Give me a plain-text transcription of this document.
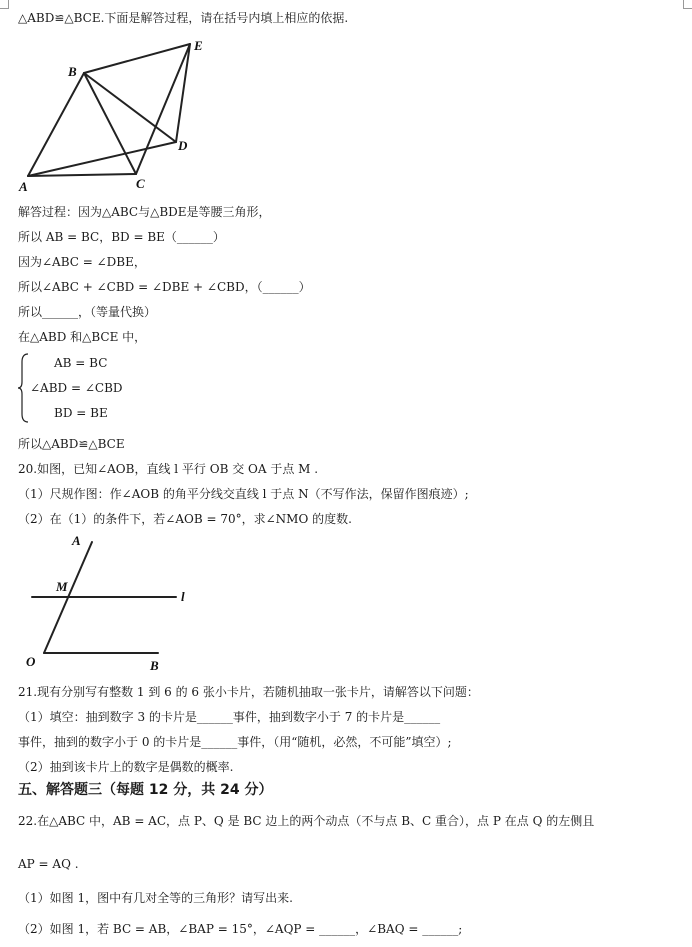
△ABD≌△BCE.下面是解答过程，请在括号内填上相应的依据.
A
B
C
D
E
解答过程：因为△ABC与△BDE是等腰三角形，
所以 AB = BC，BD = BE（______）
因为∠ABC = ∠DBE，
所以∠ABC + ∠CBD = ∠DBE + ∠CBD，（______）
所以______，（等量代换）
在△ABD 和△BCE 中，
AB = BC
∠ABD = ∠CBD
BD = BE
所以△ABD≌△BCE
20.如图，已知∠AOB，直线 l 平行 OB 交 OA 于点 M .
（1）尺规作图：作∠AOB 的角平分线交直线 l 于点 N（不写作法，保留作图痕迹）;
（2）在（1）的条件下，若∠AOB = 70°，求∠NMO 的度数.
A
M
l
O	B
21.现有分别写有整数 1 到 6 的 6 张小卡片，若随机抽取一张卡片，请解答以下问题：
（1）填空：抽到数字 3 的卡片是______事件，抽到数字小于 7 的卡片是______
事件，抽到的数字小于 0 的卡片是______事件，（用“随机，必然，不可能”填空）;
（2）抽到该卡片上的数字是偶数的概率.
五、解答题三（每题 12 分，共 24 分）
22.在△ABC 中，AB = AC，点 P、Q 是 BC 边上的两个动点（不与点 B、C 重合），点 P 在点 Q 的左侧且
AP = AQ .
（1）如图 1，图中有几对全等的三角形？请写出来.
（2）如图 1，若 BC = AB，∠BAP = 15°，∠AQP = ______，∠BAQ = ______;
